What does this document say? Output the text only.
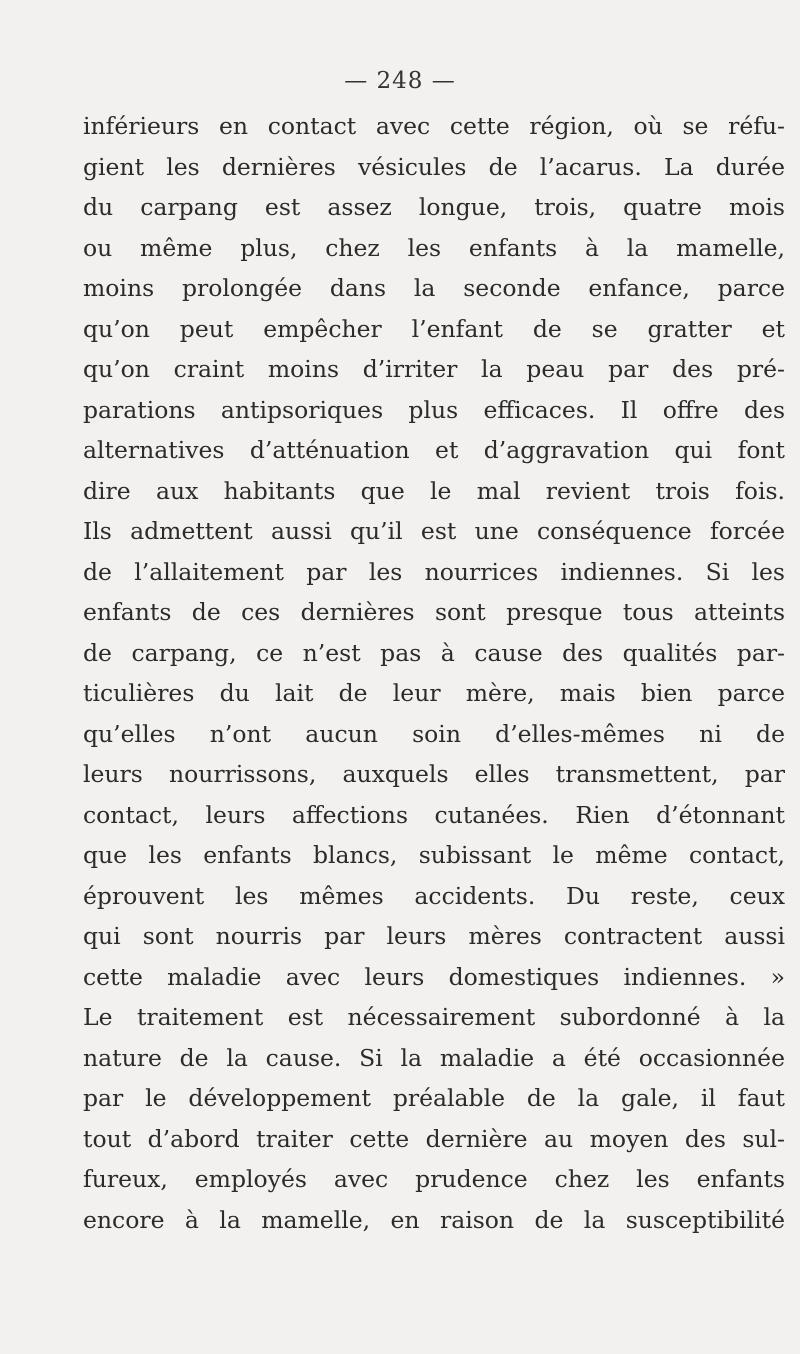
— 248 —
inférieurs en contact avec cette région, où se réfu-
gient les dernières vésicules de l’acarus. La durée
du carpang est assez longue, trois, quatre mois
ou même plus, chez les enfants à la mamelle,
moins prolongée dans la seconde enfance, parce
qu’on peut empêcher l’enfant de se gratter et
qu’on craint moins d’irriter la peau par des pré-
parations antipsoriques plus efficaces. Il offre des
alternatives d’atténuation et d’aggravation qui font
dire aux habitants que le mal revient trois fois.
Ils admettent aussi qu’il est une conséquence forcée
de l’allaitement par les nourrices indiennes. Si les
enfants de ces dernières sont presque tous atteints
de carpang, ce n’est pas à cause des qualités par-
ticulières du lait de leur mère, mais bien parce
qu’elles n’ont aucun soin d’elles-mêmes ni de
leurs nourrissons, auxquels elles transmettent, par
contact, leurs affections cutanées. Rien d’étonnant
que les enfants blancs, subissant le même contact,
éprouvent les mêmes accidents. Du reste, ceux
qui sont nourris par leurs mères contractent aussi
cette maladie avec leurs domestiques indiennes. »
Le traitement est nécessairement subordonné à la
nature de la cause. Si la maladie a été occasionnée
par le développement préalable de la gale, il faut
tout d’abord traiter cette dernière au moyen des sul-
fureux, employés avec prudence chez les enfants
encore à la mamelle, en raison de la susceptibilité
